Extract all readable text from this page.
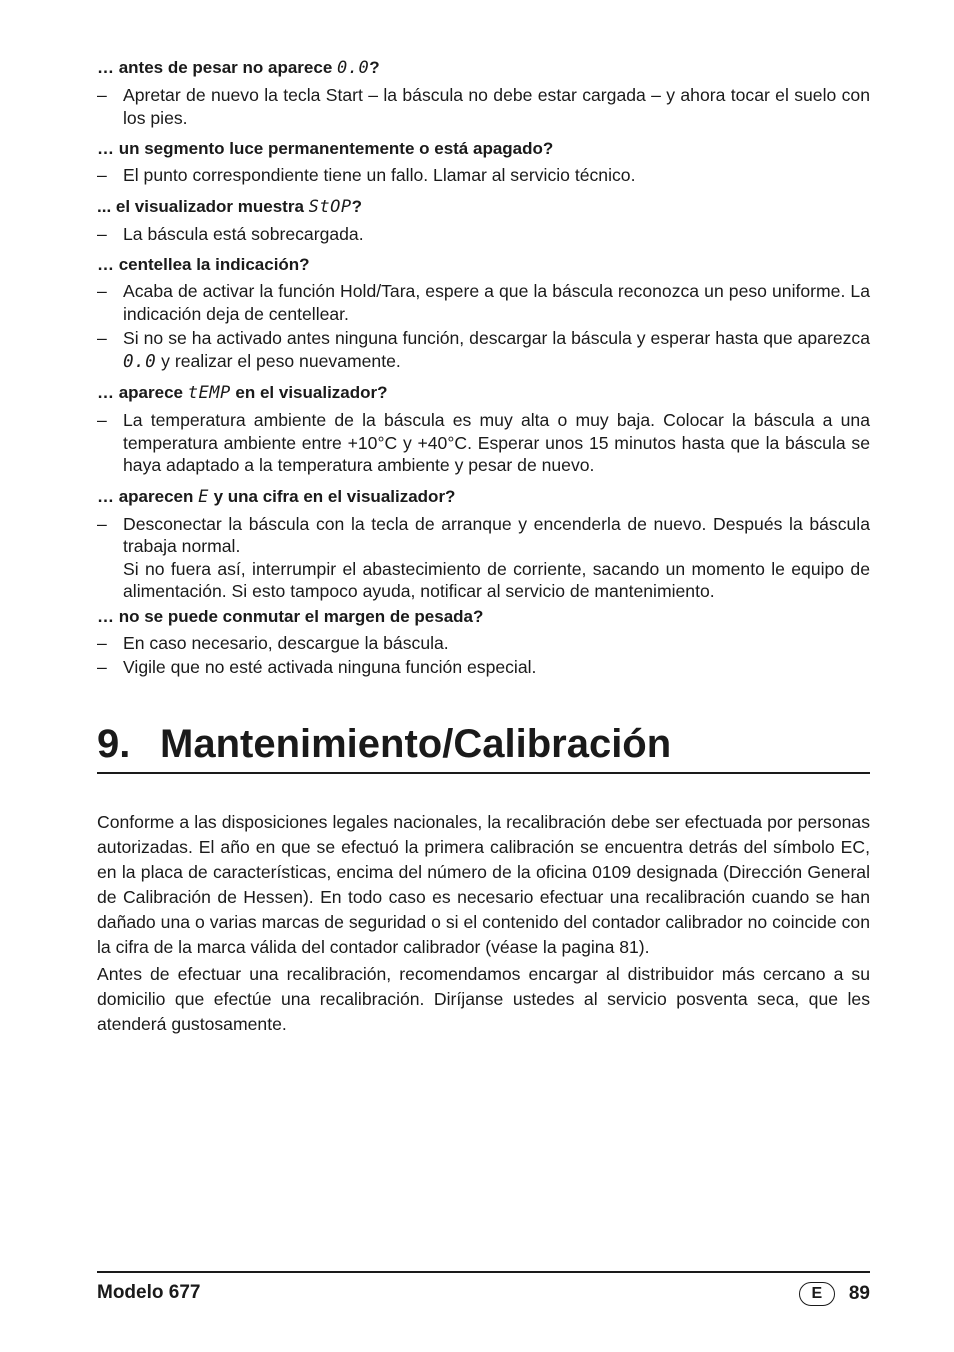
… antes de pesar no aparece 0.0?

– Apretar de nuevo la tecla Start – la báscula no debe estar cargada – y ahora tocar el suelo con los pies.

… un segmento luce permanentemente o está apagado?

– El punto correspondiente tiene un fallo. Llamar al servicio técnico.

... el visualizador muestra StOP?

– La báscula está sobrecargada.

… centellea la indicación?

– Acaba de activar la función Hold/Tara, espere a que la báscula reconozca un peso uniforme. La indicación deja de centellear.

– Si no se ha activado antes ninguna función, descargar la báscula y esperar hasta que aparezca 0.0 y realizar el peso nuevamente.

… aparece tEMP en el visualizador?

– La temperatura ambiente de la báscula es muy alta o muy baja. Colocar la báscula a una temperatura ambiente entre +10°C y +40°C. Esperar unos 15 minutos hasta que la báscula se haya adaptado a la temperatura ambiente y pesar de nuevo.

… aparecen E y una cifra en el visualizador?

– Desconectar la báscula con la tecla de arranque y encenderla de nuevo. Después la báscula trabaja normal.

Si no fuera así, interrumpir el abastecimiento de corriente, sacando un momento le equipo de alimentación. Si esto tampoco ayuda, notificar al servicio de mantenimiento.

… no se puede conmutar el margen de pesada?

– En caso necesario, descargue la báscula.

– Vigile que no esté activada ninguna función especial.

9. Mantenimiento/Calibración

Conforme a las disposiciones legales nacionales, la recalibración debe ser efectuada por personas autorizadas. El año en que se efectuó la primera calibración se encuentra detrás del símbolo EC, en la placa de características, encima del número de la oficina 0109 designada (Dirección General de Calibración de Hessen). En todo caso es necesario efectuar una recalibración cuando se han dañado una o varias marcas de seguridad o si el contenido del contador calibrador no coincide con la cifra de la marca válida del contador calibrador (véase la pagina 81).

Antes de efectuar una recalibración, recomendamos encargar al distribuidor más cercano a su domicilio que efectúe una recalibración. Diríjanse ustedes al servicio posventa seca, que les atenderá gustosamente.

Modelo 677	E	89
